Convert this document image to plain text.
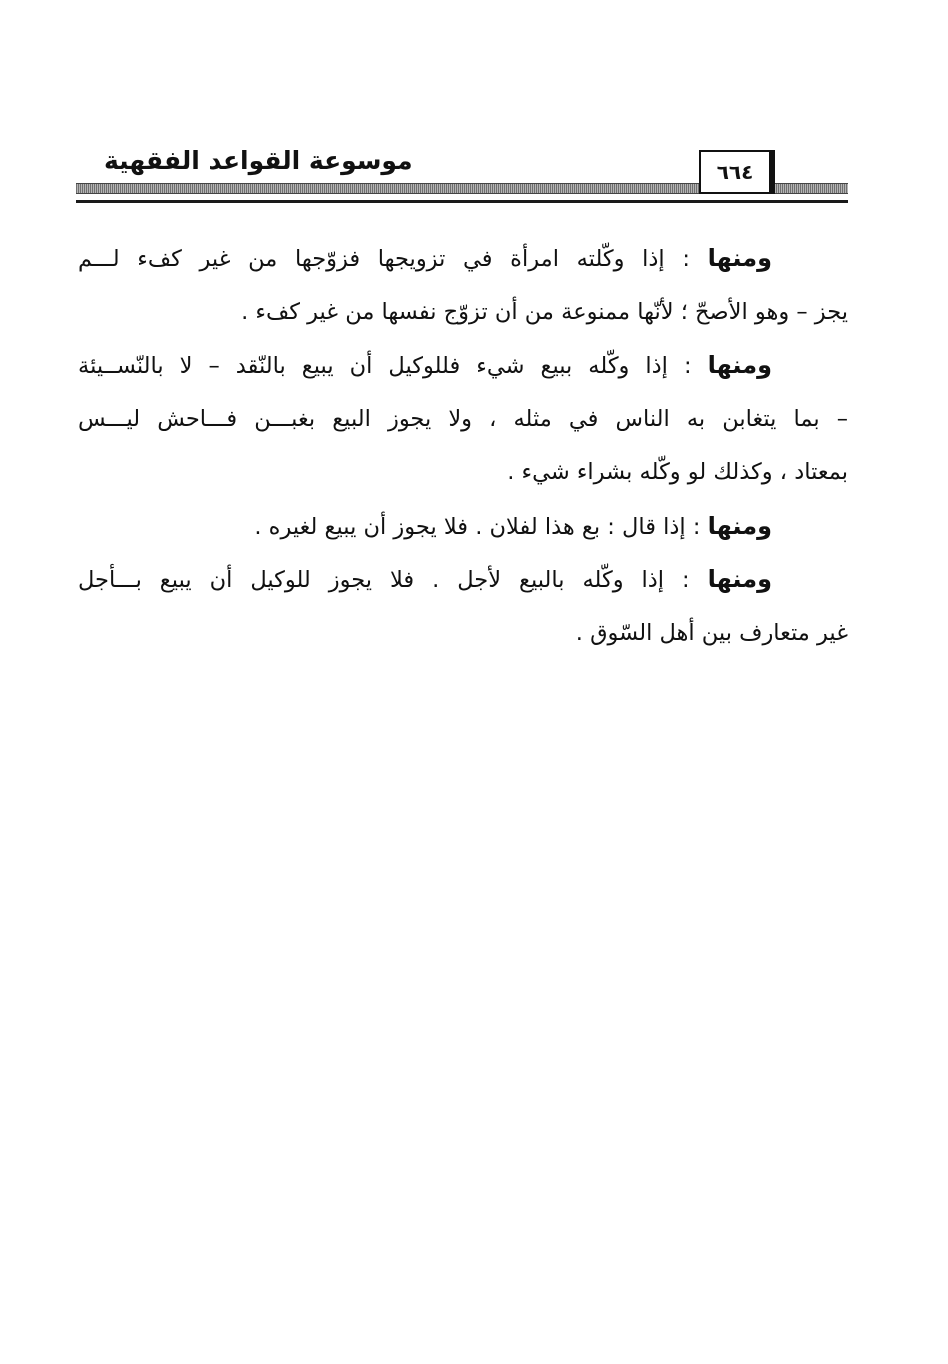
موسوعة القواعد الفقهية	٦٦٤
ومنها : إذا وكّلته امرأة في تزويجها فزوّجها من غير كفء لـــم
يجز – وهو الأصحّ ؛ لأنّها ممنوعة من أن تزوّج نفسها من غير كفء .
ومنها : إذا وكّله ببيع شيء فللوكيل أن يبيع بالنّقد – لا بالنّســيئة
– بما يتغابن به الناس في مثله ، ولا يجوز البيع بغبـــن فـــاحش ليـــس
بمعتاد ، وكذلك لو وكّله بشراء شيء .
ومنها : إذا قال : بع هذا لفلان . فلا يجوز أن يبيع لغيره .
ومنها : إذا وكّله بالبيع لأجل . فلا يجوز للوكيل أن يبيع بـــأجل
غير متعارف بين أهل السّوق .
